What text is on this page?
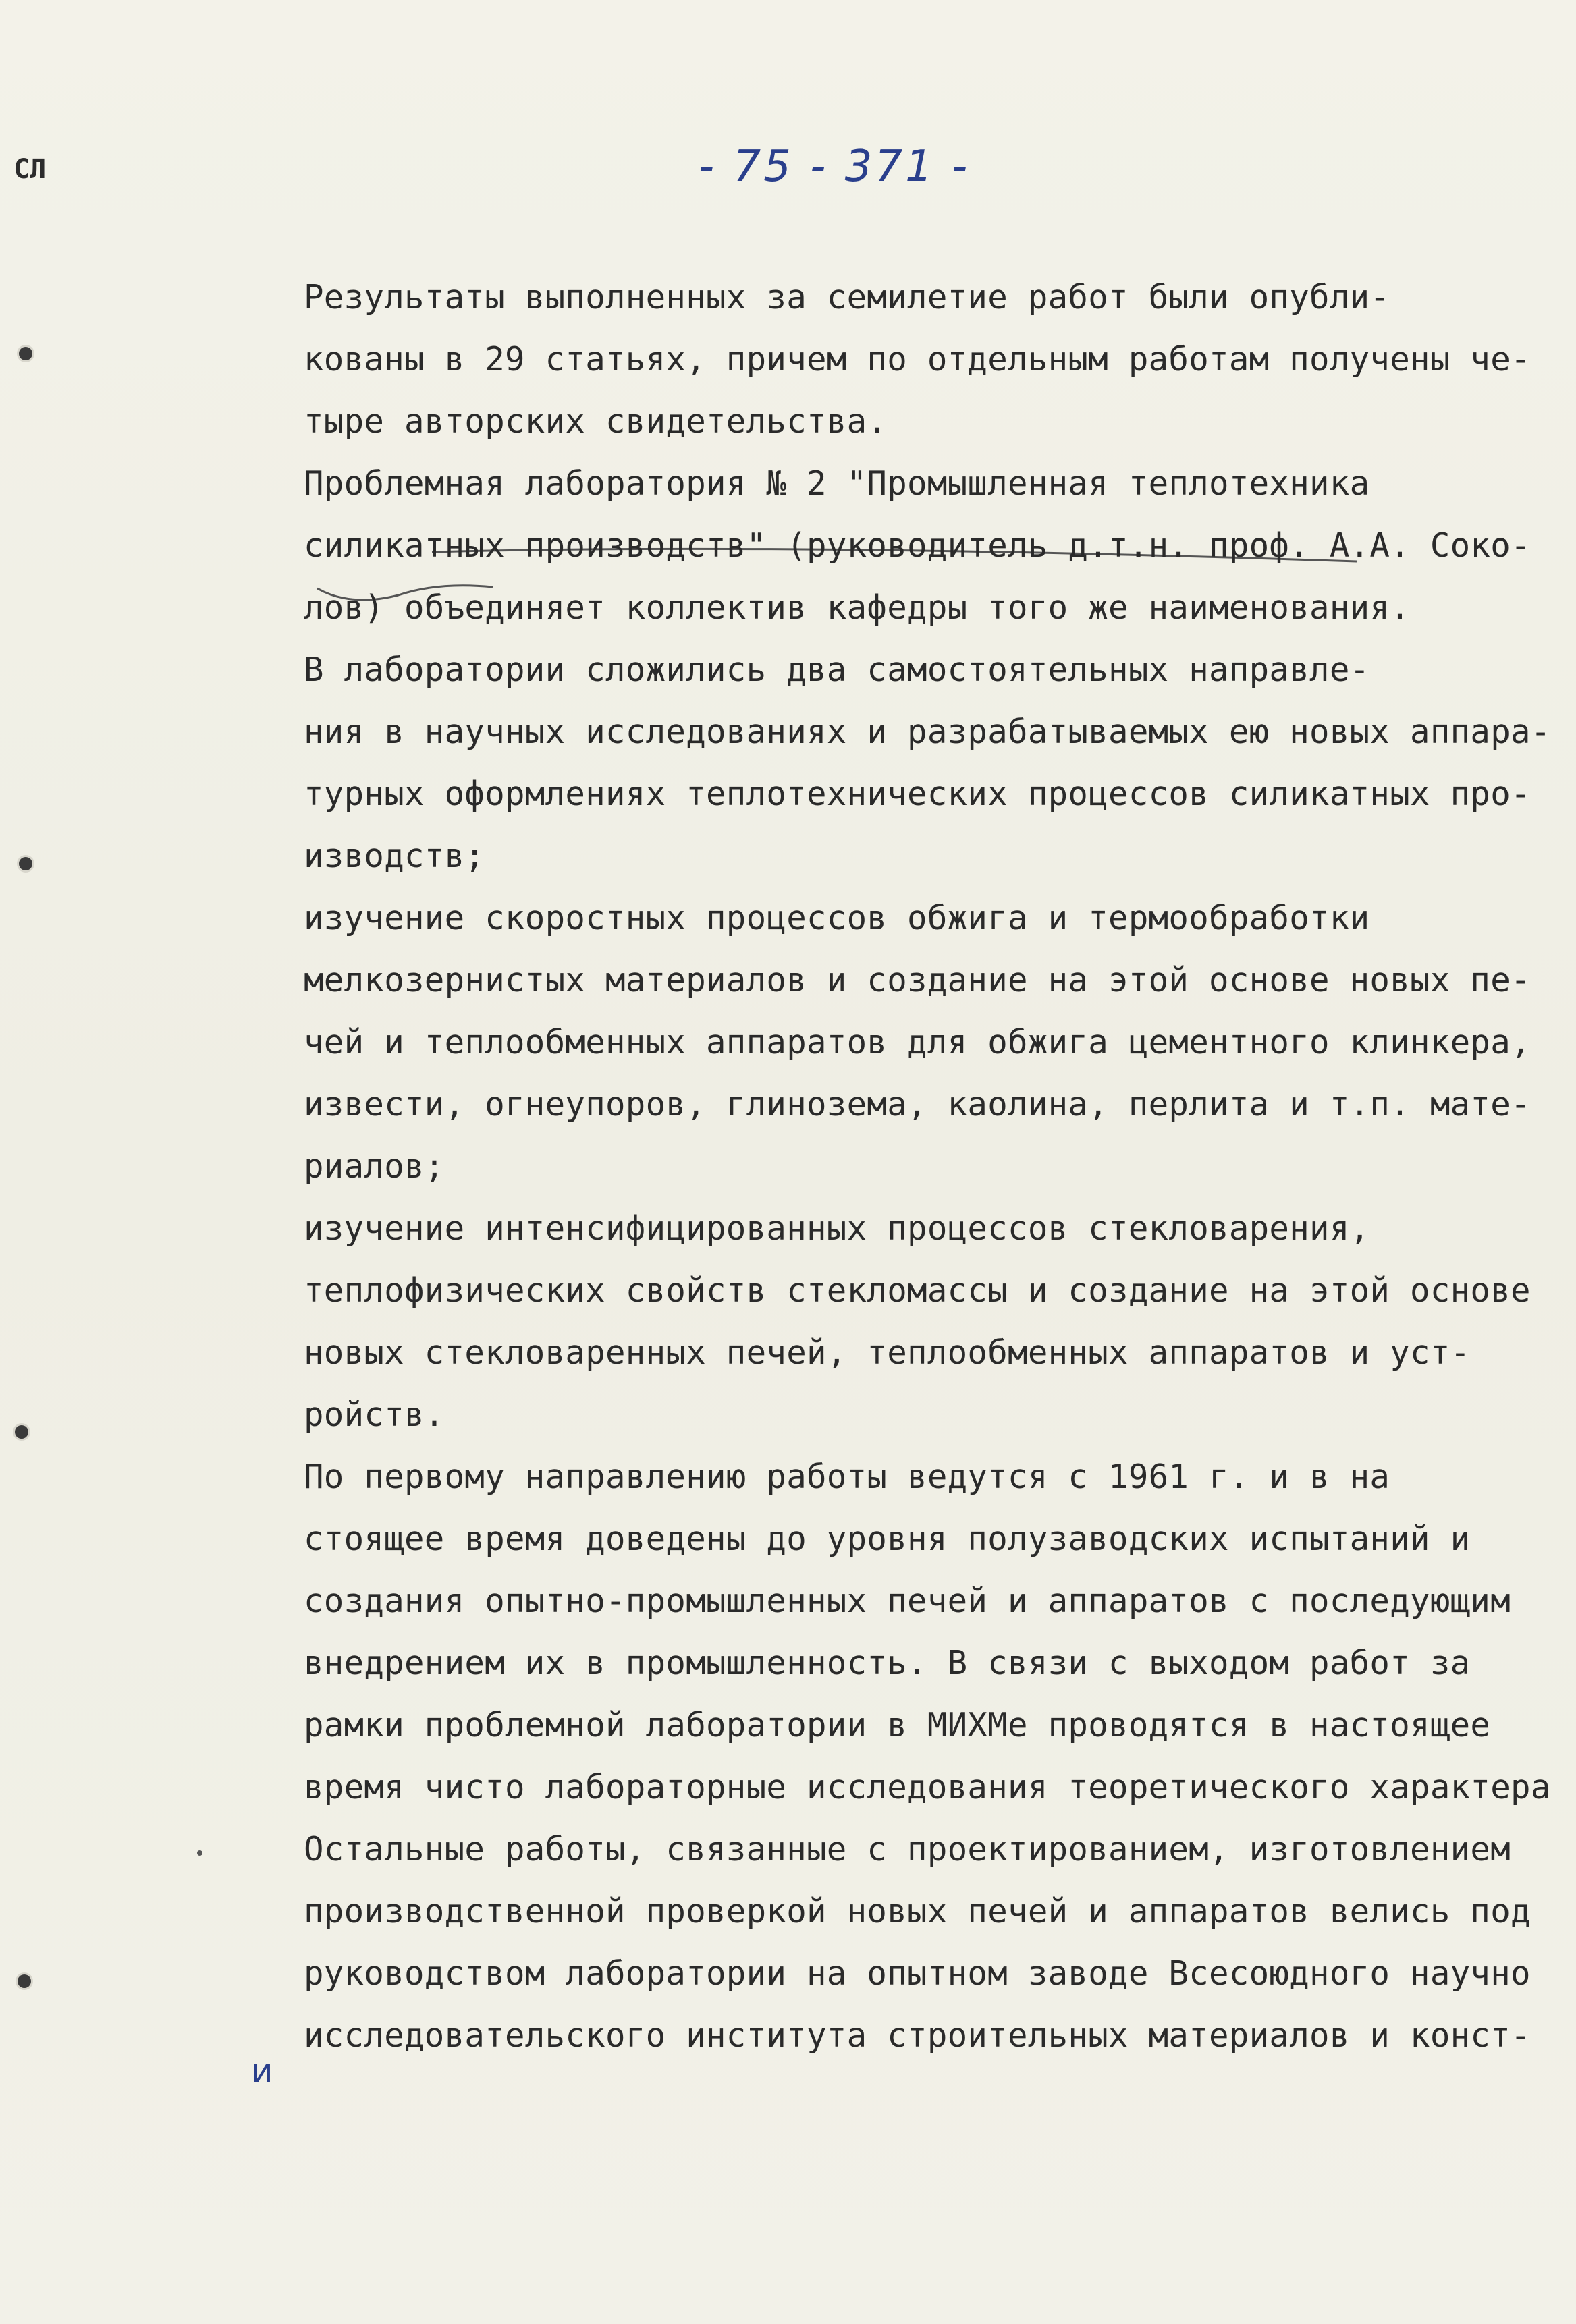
СЛ	- 75 - 371 -
и
Результаты выполненных за семилетие работ были опубли-
кованы в 29 статьях, причем по отдельным работам получены че-
тыре авторских свидетельства.
Проблемная лаборатория № 2 "Промышленная теплотехника
силикатных производств" (руководитель д.т.н. проф. А.А. Соко-
лов) объединяет коллектив кафедры того же наименования.
В лаборатории сложились два самостоятельных направле-
ния в научных исследованиях и разрабатываемых ею новых аппара-
турных оформлениях теплотехнических процессов силикатных про-
изводств;
изучение скоростных процессов обжига и термообработки
мелкозернистых материалов и создание на этой основе новых пе-
чей и теплообменных аппаратов для обжига цементного клинкера,
извести, огнеупоров, глинозема, каолина, перлита и т.п. мате-
риалов;
изучение интенсифицированных процессов стекловарения,
теплофизических свойств стекломассы и создание на этой основе
новых стекловаренных печей, теплообменных аппаратов и уст-
ройств.
По первому направлению работы ведутся с 1961 г. и в на
стоящее время доведены до уровня полузаводских испытаний и
создания опытно-промышленных печей и аппаратов с последующим
внедрением их в промышленность. В связи с выходом работ за
рамки проблемной лаборатории в МИХМе проводятся в настоящее
время чисто лабораторные исследования теоретического характера
Остальные работы, связанные с проектированием, изготовлением
производственной проверкой новых печей и аппаратов велись под
руководством лаборатории на опытном заводе Всесоюдного научно
исследовательского института строительных материалов и конст-
